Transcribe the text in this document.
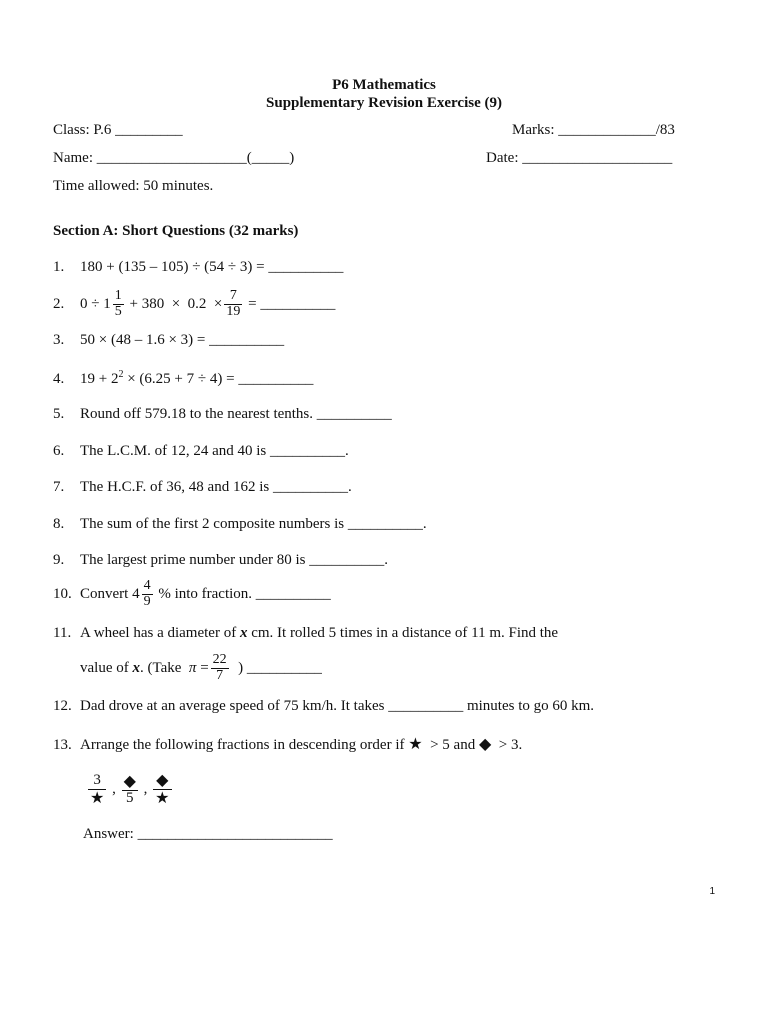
P6 Mathematics
Supplementary Revision Exercise (9)
Class: P.6 _________	Marks: _____________/83
Name: ____________________(_____)	Date: ____________________
Time allowed: 50 minutes.
Section A: Short Questions (32 marks)
1. 180 + (135 – 105) ÷ (54 ÷ 3) = __________
2. $0 \div 1 \frac{1}{5} + 380 \times 0.2 \times \frac{7}{19}$ = __________
3. 50 × (48 – 1.6 × 3) = __________
4. $19 + 2^2 \times (6.25 + 7 \div 4)$ = __________
5. Round off 579.18 to the nearest tenths. __________
6. The L.C.M. of 12, 24 and 40 is __________.
7. The H.C.F. of 36, 48 and 162 is __________.
8. The sum of the first 2 composite numbers is __________.
9. The largest prime number under 80 is __________.
10. Convert $4 \frac{4}{9}$ % into fraction. __________
11. A wheel has a diameter of x cm. It rolled 5 times in a distance of 11 m. Find the
value of x. (Take  $\pi = \frac{22}{7}$ ) __________
12. Dad drove at an average speed of 75 km/h. It takes __________ minutes to go 60 km.
13. Arrange the following fractions in descending order if ★  > 5 and ◆  > 3.
$\frac{3}{★}$ , $\frac{◆}{5}$ , $\frac{◆}{★}$
Answer: __________________________
1
